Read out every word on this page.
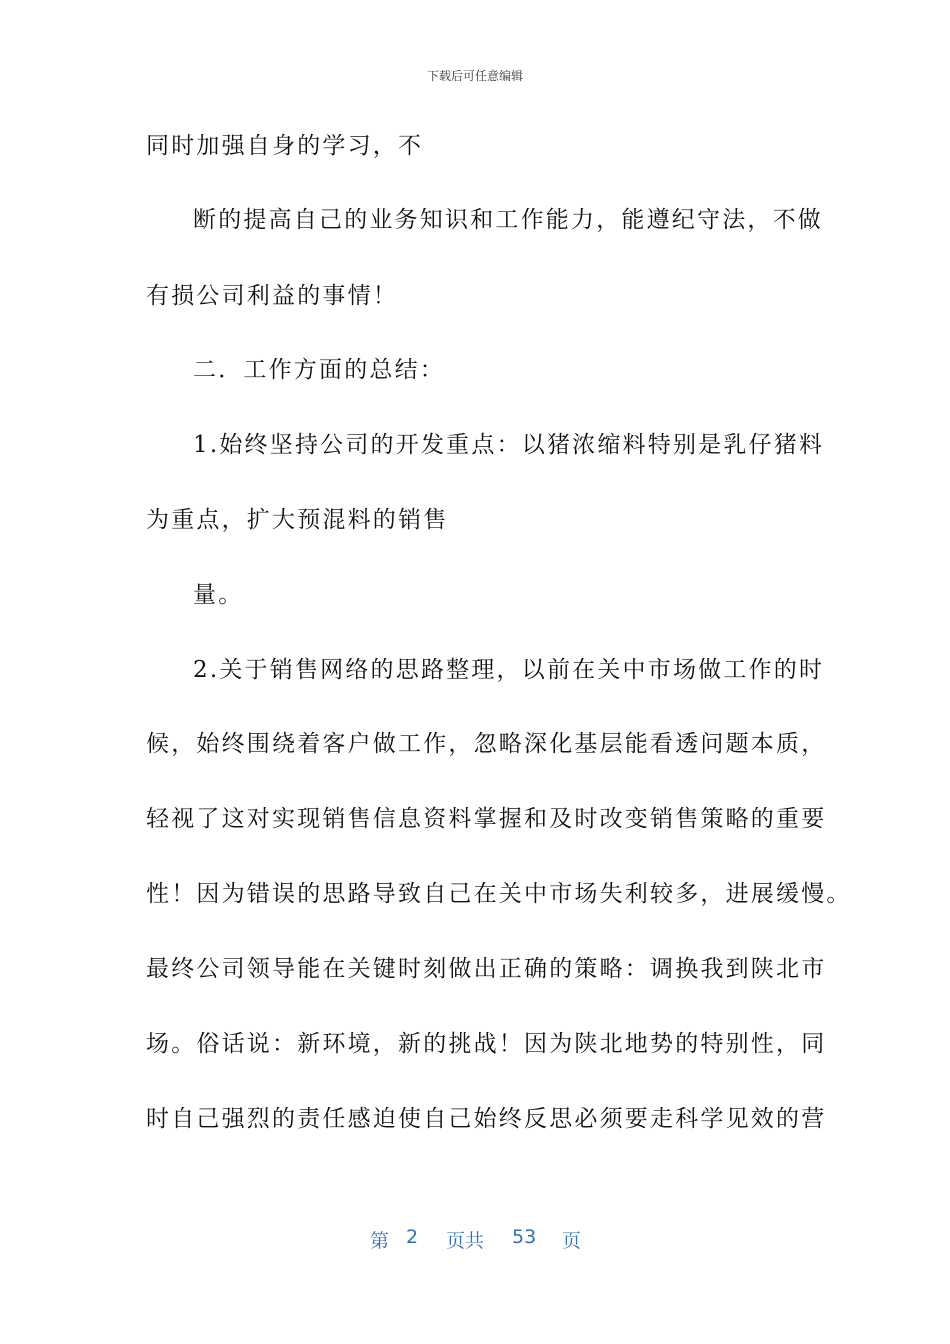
下载后可任意编辑
同时加强自身的学习，不
断的提高自己的业务知识和工作能力，能遵纪守法，不做
有损公司利益的事情！
二．工作方面的总结：
1.始终坚持公司的开发重点：以猪浓缩料特别是乳仔猪料
为重点，扩大预混料的销售
量。
2.关于销售网络的思路整理，以前在关中市场做工作的时
候，始终围绕着客户做工作，忽略深化基层能看透问题本质，
轻视了这对实现销售信息资料掌握和及时改变销售策略的重要
性！因为错误的思路导致自己在关中市场失利较多，进展缓慢。
最终公司领导能在关键时刻做出正确的策略：调换我到陕北市
场。俗话说：新环境，新的挑战！因为陕北地势的特别性，同
时自己强烈的责任感迫使自己始终反思必须要走科学见效的营
第 2 页共 53 页
